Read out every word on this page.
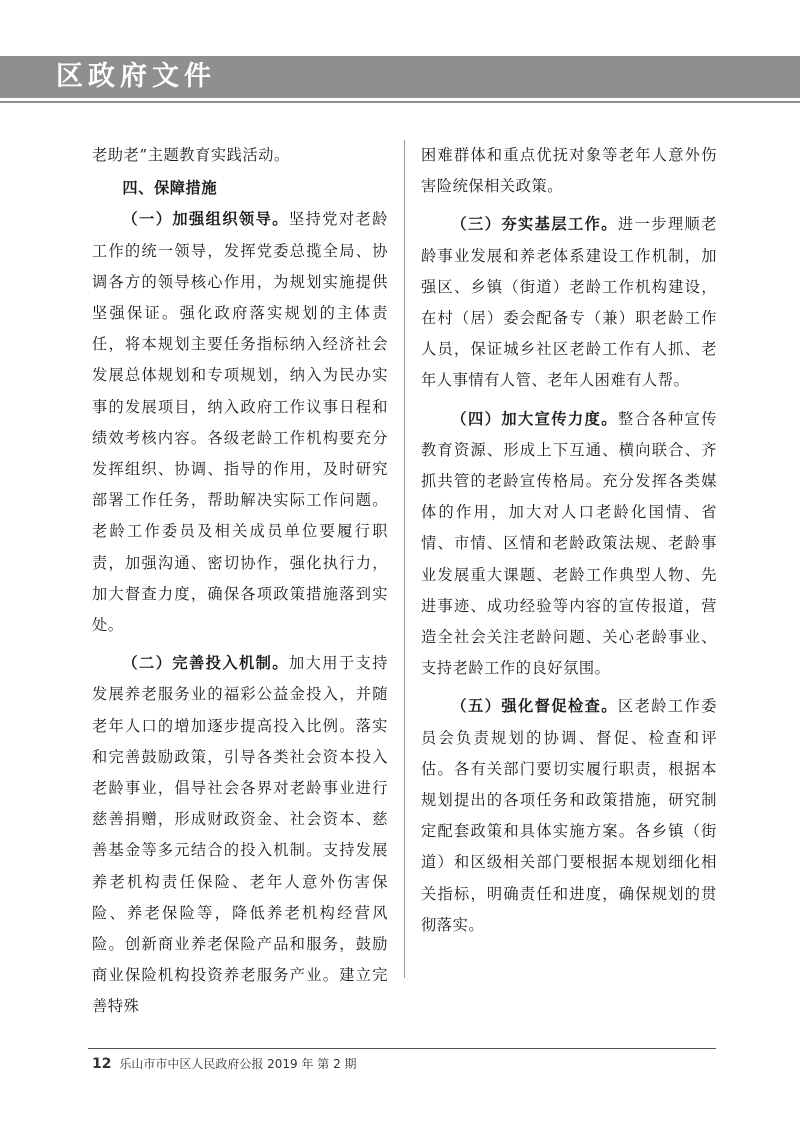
区政府文件

老助老”主题教育实践活动。

四、保障措施

（一）加强组织领导。坚持党对老龄工作的统一领导，发挥党委总揽全局、协调各方的领导核心作用，为规划实施提供坚强保证。强化政府落实规划的主体责任，将本规划主要任务指标纳入经济社会发展总体规划和专项规划，纳入为民办实事的发展项目，纳入政府工作议事日程和绩效考核内容。各级老龄工作机构要充分发挥组织、协调、指导的作用，及时研究部署工作任务，帮助解决实际工作问题。老龄工作委员及相关成员单位要履行职责，加强沟通、密切协作，强化执行力，加大督查力度，确保各项政策措施落到实处。

（二）完善投入机制。加大用于支持发展养老服务业的福彩公益金投入，并随老年人口的增加逐步提高投入比例。落实和完善鼓励政策，引导各类社会资本投入老龄事业，倡导社会各界对老龄事业进行慈善捐赠，形成财政资金、社会资本、慈善基金等多元结合的投入机制。支持发展养老机构责任保险、老年人意外伤害保险、养老保险等，降低养老机构经营风险。创新商业养老保险产品和服务，鼓励商业保险机构投资养老服务产业。建立完善特殊

困难群体和重点优抚对象等老年人意外伤害险统保相关政策。

（三）夯实基层工作。进一步理顺老龄事业发展和养老体系建设工作机制，加强区、乡镇（街道）老龄工作机构建设，在村（居）委会配备专（兼）职老龄工作人员，保证城乡社区老龄工作有人抓、老年人事情有人管、老年人困难有人帮。

（四）加大宣传力度。整合各种宣传教育资源、形成上下互通、横向联合、齐抓共管的老龄宣传格局。充分发挥各类媒体的作用，加大对人口老龄化国情、省情、市情、区情和老龄政策法规、老龄事业发展重大课题、老龄工作典型人物、先进事迹、成功经验等内容的宣传报道，营造全社会关注老龄问题、关心老龄事业、支持老龄工作的良好氛围。

（五）强化督促检查。区老龄工作委员会负责规划的协调、督促、检查和评估。各有关部门要切实履行职责，根据本规划提出的各项任务和政策措施，研究制定配套政策和具体实施方案。各乡镇（街道）和区级相关部门要根据本规划细化相关指标，明确责任和进度，确保规划的贯彻落实。

12 乐山市市中区人民政府公报 2019 年 第 2 期
